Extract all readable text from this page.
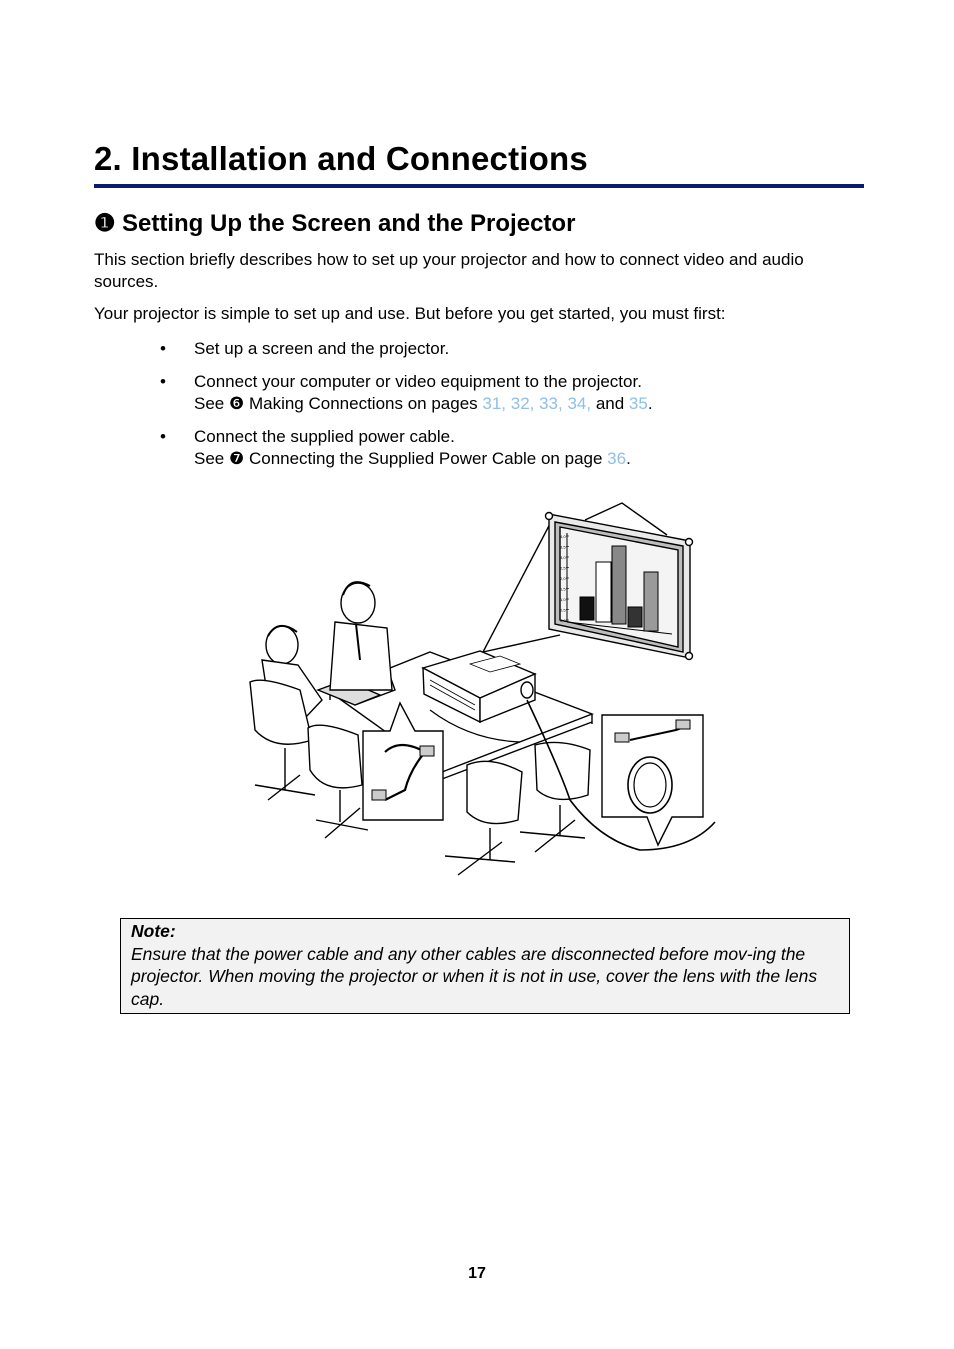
2. Installation and Connections
❶ Setting Up the Screen and the Projector

This section briefly describes how to set up your projector and how to connect video and audio sources.

Your projector is simple to set up and use. But before you get started, you must first:

• Set up a screen and the projector.
• Connect your computer or video equipment to the projector.
See ❻ Making Connections on pages 31, 32, 33, 34, and 35.
• Connect the supplied power cable.
See ❼ Connecting the Supplied Power Cable on page 36.
4,0
3,5
3,0
2,5
2,0
1,5
1,0
0,5
0,0
Note:
Ensure that the power cable and any other cables are disconnected before mov-ing the projector. When moving the projector or when it is not in use, cover the lens with the lens cap.
17
